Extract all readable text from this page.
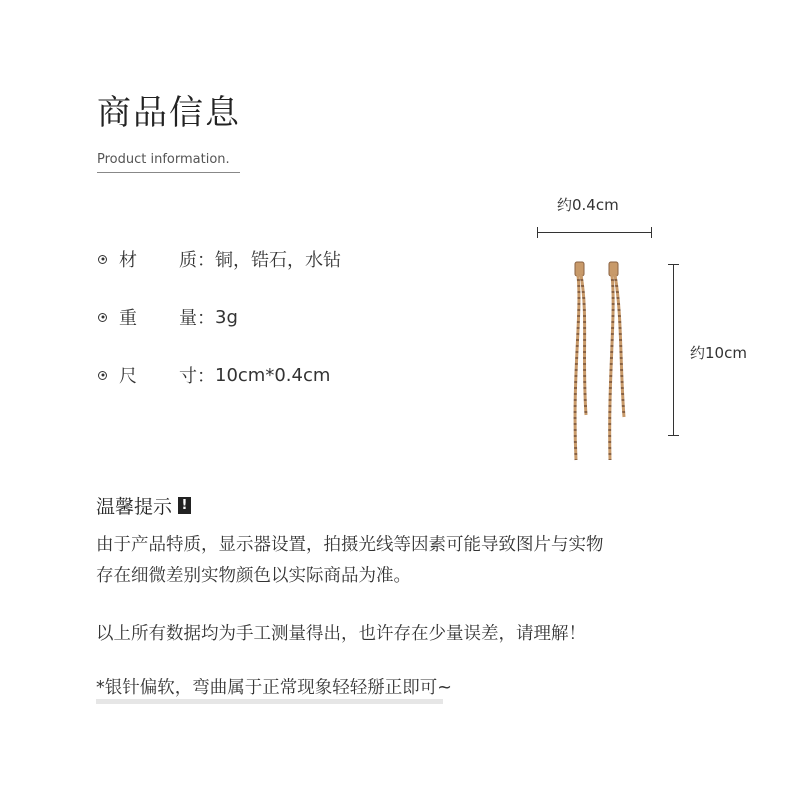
商品信息
Product information.
材 质： 铜，锆石，水钻
重 量： 3g
尺 寸： 10cm*0.4cm
约0.4cm
约10cm
温馨提示 !
由于产品特质，显示器设置，拍摄光线等因素可能导致图片与实物
存在细微差别实物颜色以实际商品为准。
以上所有数据均为手工测量得出，也许存在少量误差，请理解！
*银针偏软，弯曲属于正常现象轻轻掰正即可~
